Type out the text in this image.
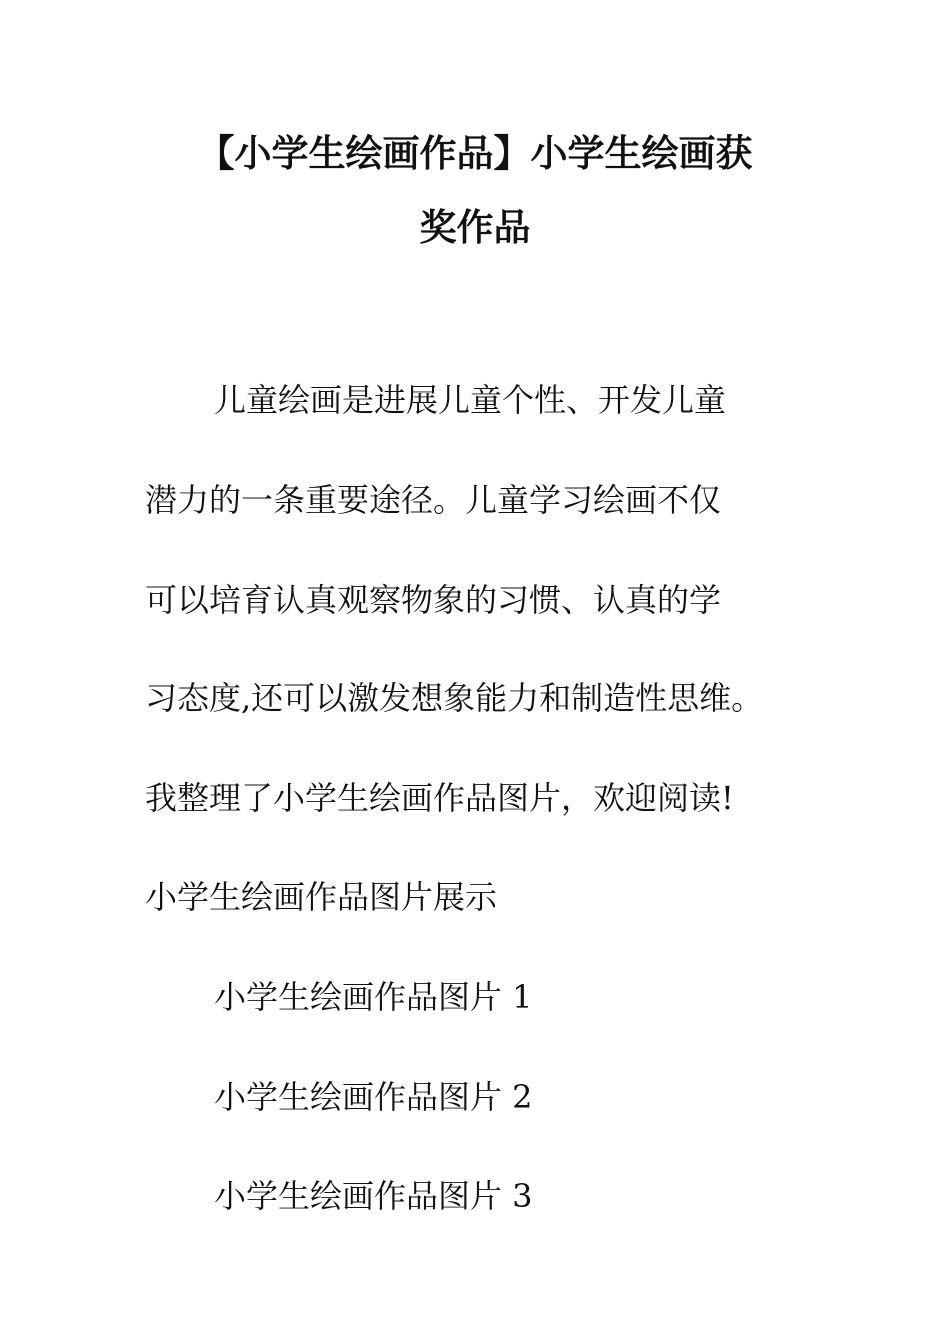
【小学生绘画作品】小学生绘画获
奖作品
儿童绘画是进展儿童个性、开发儿童
潜力的一条重要途径。儿童学习绘画不仅
可以培育认真观察物象的习惯、认真的学
习态度,还可以激发想象能力和制造性思维。
我整理了小学生绘画作品图片，欢迎阅读!
小学生绘画作品图片展示
小学生绘画作品图片 1
小学生绘画作品图片 2
小学生绘画作品图片 3
